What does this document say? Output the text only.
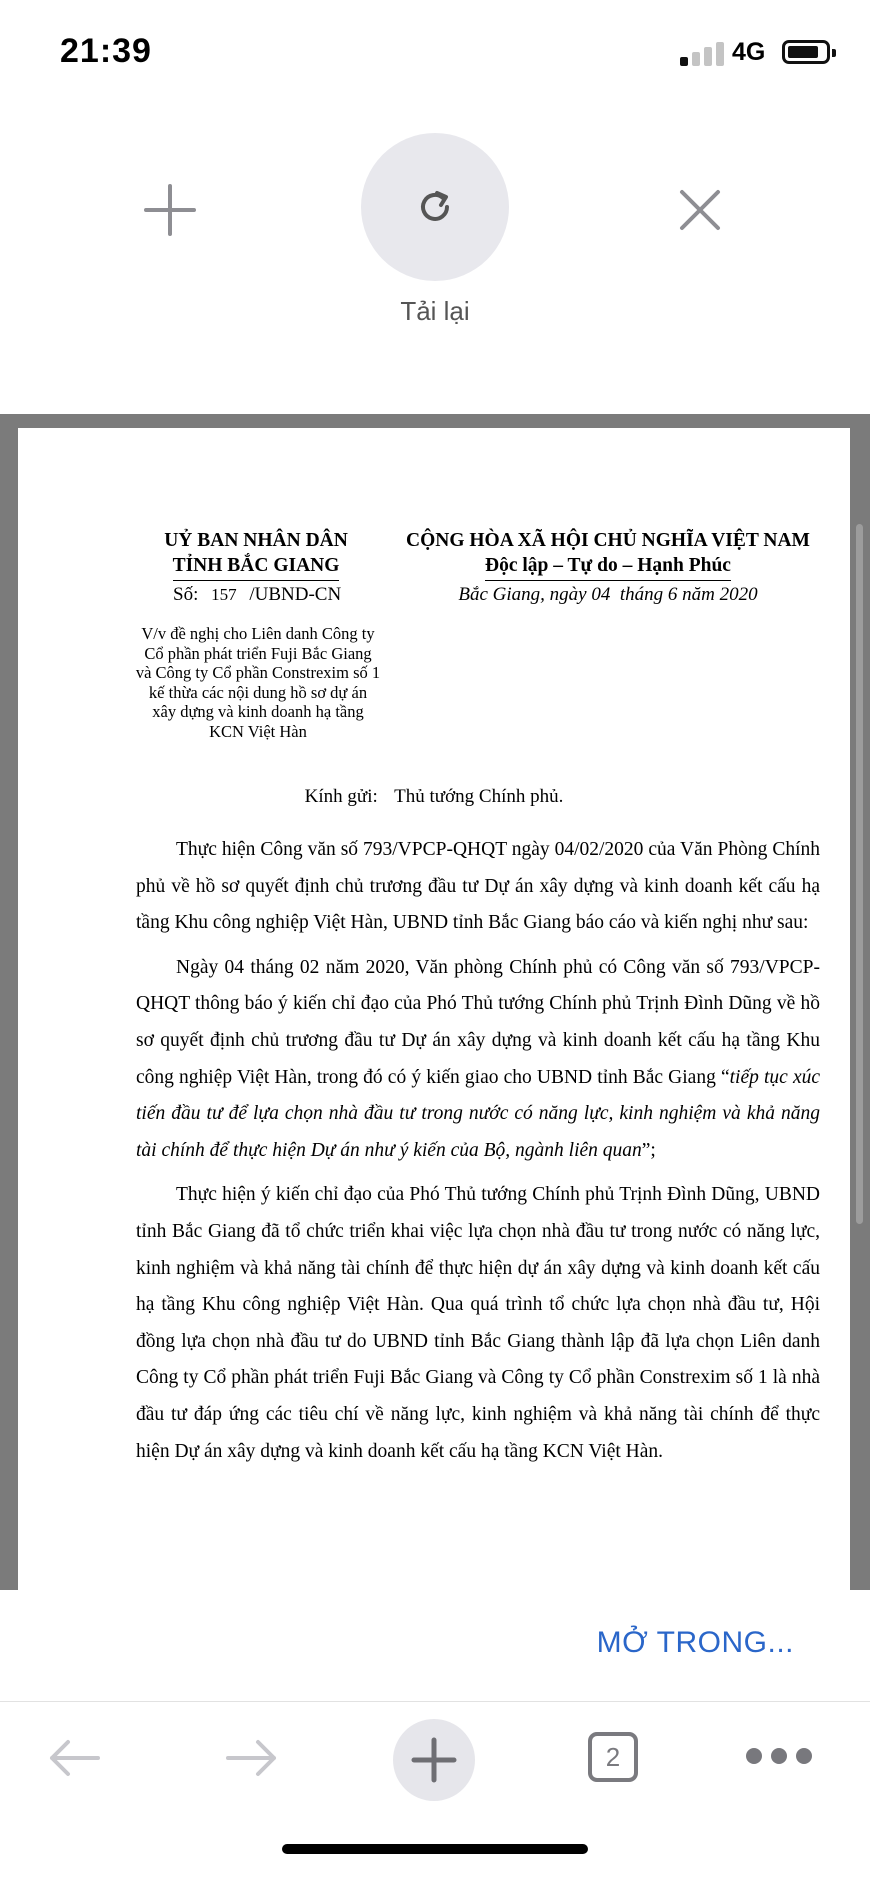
21:39	4G
Tải lại
UỶ BAN NHÂN DÂN
TỈNH BẮC GIANG
CỘNG HÒA XÃ HỘI CHỦ NGHĨA VIỆT NAM
Độc lập – Tự do – Hạnh Phúc
Số: 157 /UBND-CN	Bắc Giang, ngày 04  tháng 6 năm 2020
V/v đề nghị cho Liên danh Công ty
Cổ phần phát triển Fuji Bắc Giang
và Công ty Cổ phần Constrexim số 1
kế thừa các nội dung hồ sơ dự án
xây dựng và kinh doanh hạ tầng
KCN Việt Hàn
Kính gửi: Thủ tướng Chính phủ.

Thực hiện Công văn số 793/VPCP-QHQT ngày 04/02/2020 của Văn Phòng Chính phủ về hồ sơ quyết định chủ trương đầu tư Dự án xây dựng và kinh doanh kết cấu hạ tầng Khu công nghiệp Việt Hàn, UBND tỉnh Bắc Giang báo cáo và kiến nghị như sau:

Ngày 04 tháng 02 năm 2020, Văn phòng Chính phủ có Công văn số 793/VPCP-QHQT thông báo ý kiến chỉ đạo của Phó Thủ tướng Chính phủ Trịnh Đình Dũng về hồ sơ quyết định chủ trương đầu tư Dự án xây dựng và kinh doanh kết cấu hạ tầng Khu công nghiệp Việt Hàn, trong đó có ý kiến giao cho UBND tỉnh Bắc Giang “tiếp tục xúc tiến đầu tư để lựa chọn nhà đầu tư trong nước có năng lực, kinh nghiệm và khả năng tài chính để thực hiện Dự án như ý kiến của Bộ, ngành liên quan”;

Thực hiện ý kiến chỉ đạo của Phó Thủ tướng Chính phủ Trịnh Đình Dũng, UBND tỉnh Bắc Giang đã tổ chức triển khai việc lựa chọn nhà đầu tư trong nước có năng lực, kinh nghiệm và khả năng tài chính để thực hiện dự án xây dựng và kinh doanh kết cấu hạ tầng Khu công nghiệp Việt Hàn. Qua quá trình tổ chức lựa chọn nhà đầu tư, Hội đồng lựa chọn nhà đầu tư do UBND tỉnh Bắc Giang thành lập đã lựa chọn Liên danh Công ty Cổ phần phát triển Fuji Bắc Giang và Công ty Cổ phần Constrexim số 1 là nhà đầu tư đáp ứng các tiêu chí về năng lực, kinh nghiệm và khả năng tài chính để thực hiện Dự án xây dựng và kinh doanh kết cấu hạ tầng KCN Việt Hàn.

MỞ TRONG...
2
